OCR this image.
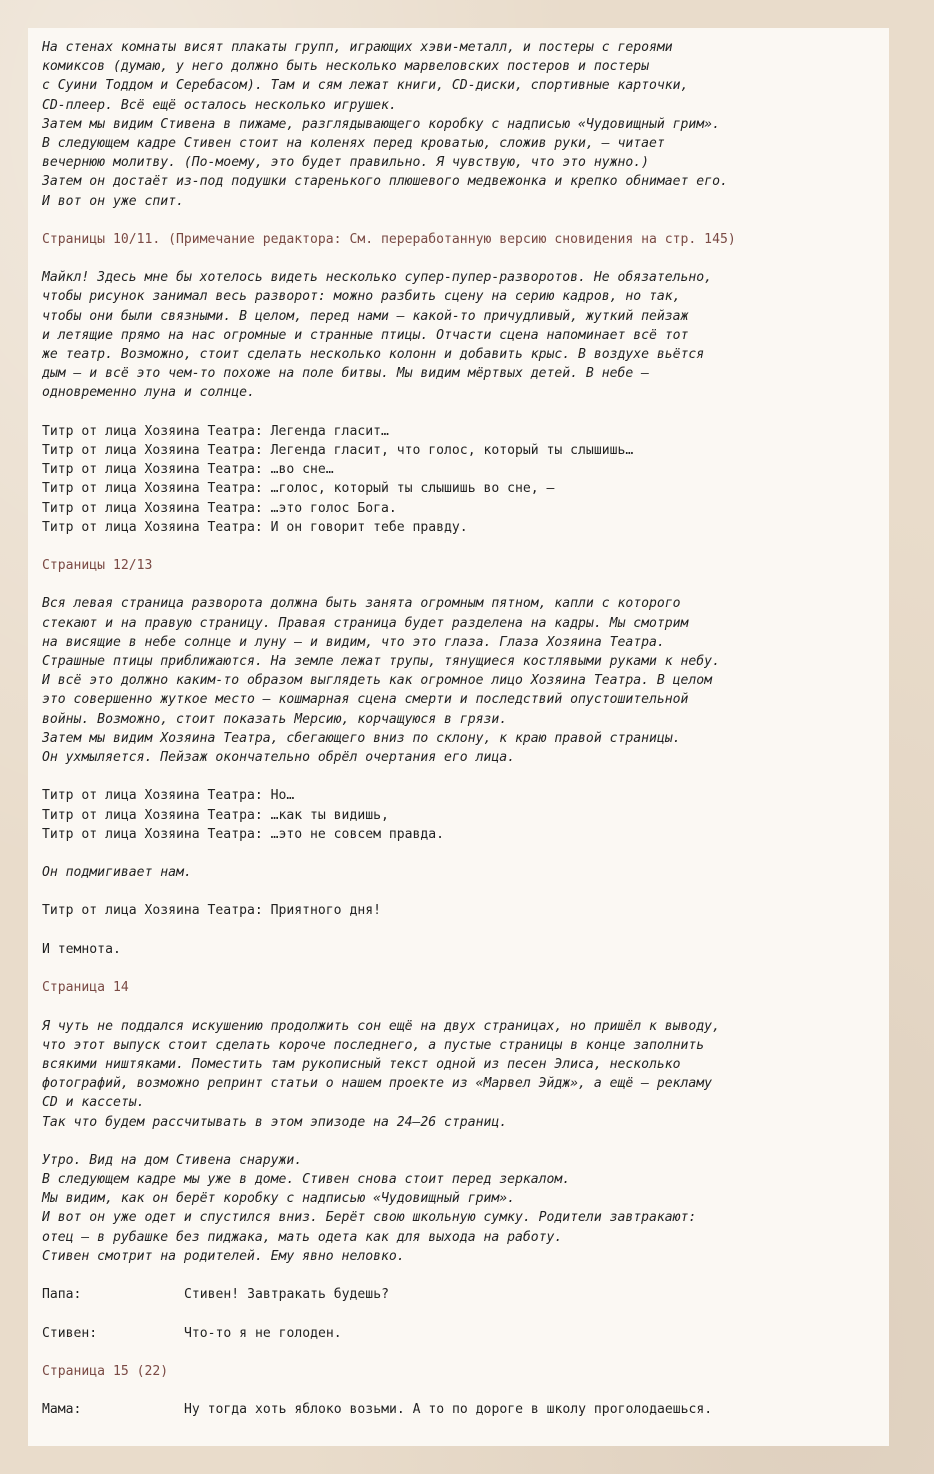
На стенах комнаты висят плакаты групп, играющих хэви-металл, и постеры с героями
комиксов (думаю, у него должно быть несколько марвеловских постеров и постеры
с Суини Тоддом и Серебасом). Там и сям лежат книги, CD-диски, спортивные карточки,
CD-плеер. Всё ещё осталось несколько игрушек.
Затем мы видим Стивена в пижаме, разглядывающего коробку с надписью «Чудовищный грим».
В следующем кадре Стивен стоит на коленях перед кроватью, сложив руки, — читает
вечернюю молитву. (По-моему, это будет правильно. Я чувствую, что это нужно.)
Затем он достаёт из-под подушки старенького плюшевого медвежонка и крепко обнимает его.
И вот он уже спит.
Страницы 10/11. (Примечание редактора: См. переработанную версию сновидения на стр. 145)
Майкл! Здесь мне бы хотелось видеть несколько супер-пупер-разворотов. Не обязательно,
чтобы рисунок занимал весь разворот: можно разбить сцену на серию кадров, но так,
чтобы они были связными. В целом, перед нами — какой-то причудливый, жуткий пейзаж
и летящие прямо на нас огромные и странные птицы. Отчасти сцена напоминает всё тот
же театр. Возможно, стоит сделать несколько колонн и добавить крыс. В воздухе вьётся
дым — и всё это чем-то похоже на поле битвы. Мы видим мёртвых детей. В небе —
одновременно луна и солнце.
Титр от лица Хозяина Театра: Легенда гласит…
Титр от лица Хозяина Театра: Легенда гласит, что голос, который ты слышишь…
Титр от лица Хозяина Театра: …во сне…
Титр от лица Хозяина Театра: …голос, который ты слышишь во сне, —
Титр от лица Хозяина Театра: …это голос Бога.
Титр от лица Хозяина Театра: И он говорит тебе правду.
Страницы 12/13
Вся левая страница разворота должна быть занята огромным пятном, капли с которого
стекают и на правую страницу. Правая страница будет разделена на кадры. Мы смотрим
на висящие в небе солнце и луну — и видим, что это глаза. Глаза Хозяина Театра.
Страшные птицы приближаются. На земле лежат трупы, тянущиеся костлявыми руками к небу.
И всё это должно каким-то образом выглядеть как огромное лицо Хозяина Театра. В целом
это совершенно жуткое место — кошмарная сцена смерти и последствий опустошительной
войны. Возможно, стоит показать Мерсию, корчащуюся в грязи.
Затем мы видим Хозяина Театра, сбегающего вниз по склону, к краю правой страницы.
Он ухмыляется. Пейзаж окончательно обрёл очертания его лица.
Титр от лица Хозяина Театра: Но…
Титр от лица Хозяина Театра: …как ты видишь,
Титр от лица Хозяина Театра: …это не совсем правда.
Он подмигивает нам.
Титр от лица Хозяина Театра: Приятного дня!
И темнота.
Страница 14
Я чуть не поддался искушению продолжить сон ещё на двух страницах, но пришёл к выводу,
что этот выпуск стоит сделать короче последнего, а пустые страницы в конце заполнить
всякими ништяками. Поместить там рукописный текст одной из песен Элиса, несколько
фотографий, возможно репринт статьи о нашем проекте из «Марвел Эйдж», а ещё — рекламу
CD и кассеты.
Так что будем рассчитывать в этом эпизоде на 24—26 страниц.
Утро. Вид на дом Стивена снаружи.
В следующем кадре мы уже в доме. Стивен снова стоит перед зеркалом.
Мы видим, как он берёт коробку с надписью «Чудовищный грим».
И вот он уже одет и спустился вниз. Берёт свою школьную сумку. Родители завтракают:
отец — в рубашке без пиджака, мать одета как для выхода на работу.
Стивен смотрит на родителей. Ему явно неловко.
Папа:	Стивен! Завтракать будешь?
Стивен:	Что-то я не голоден.
Страница 15 (22)
Мама:	Ну тогда хоть яблоко возьми. А то по дороге в школу проголодаешься.
